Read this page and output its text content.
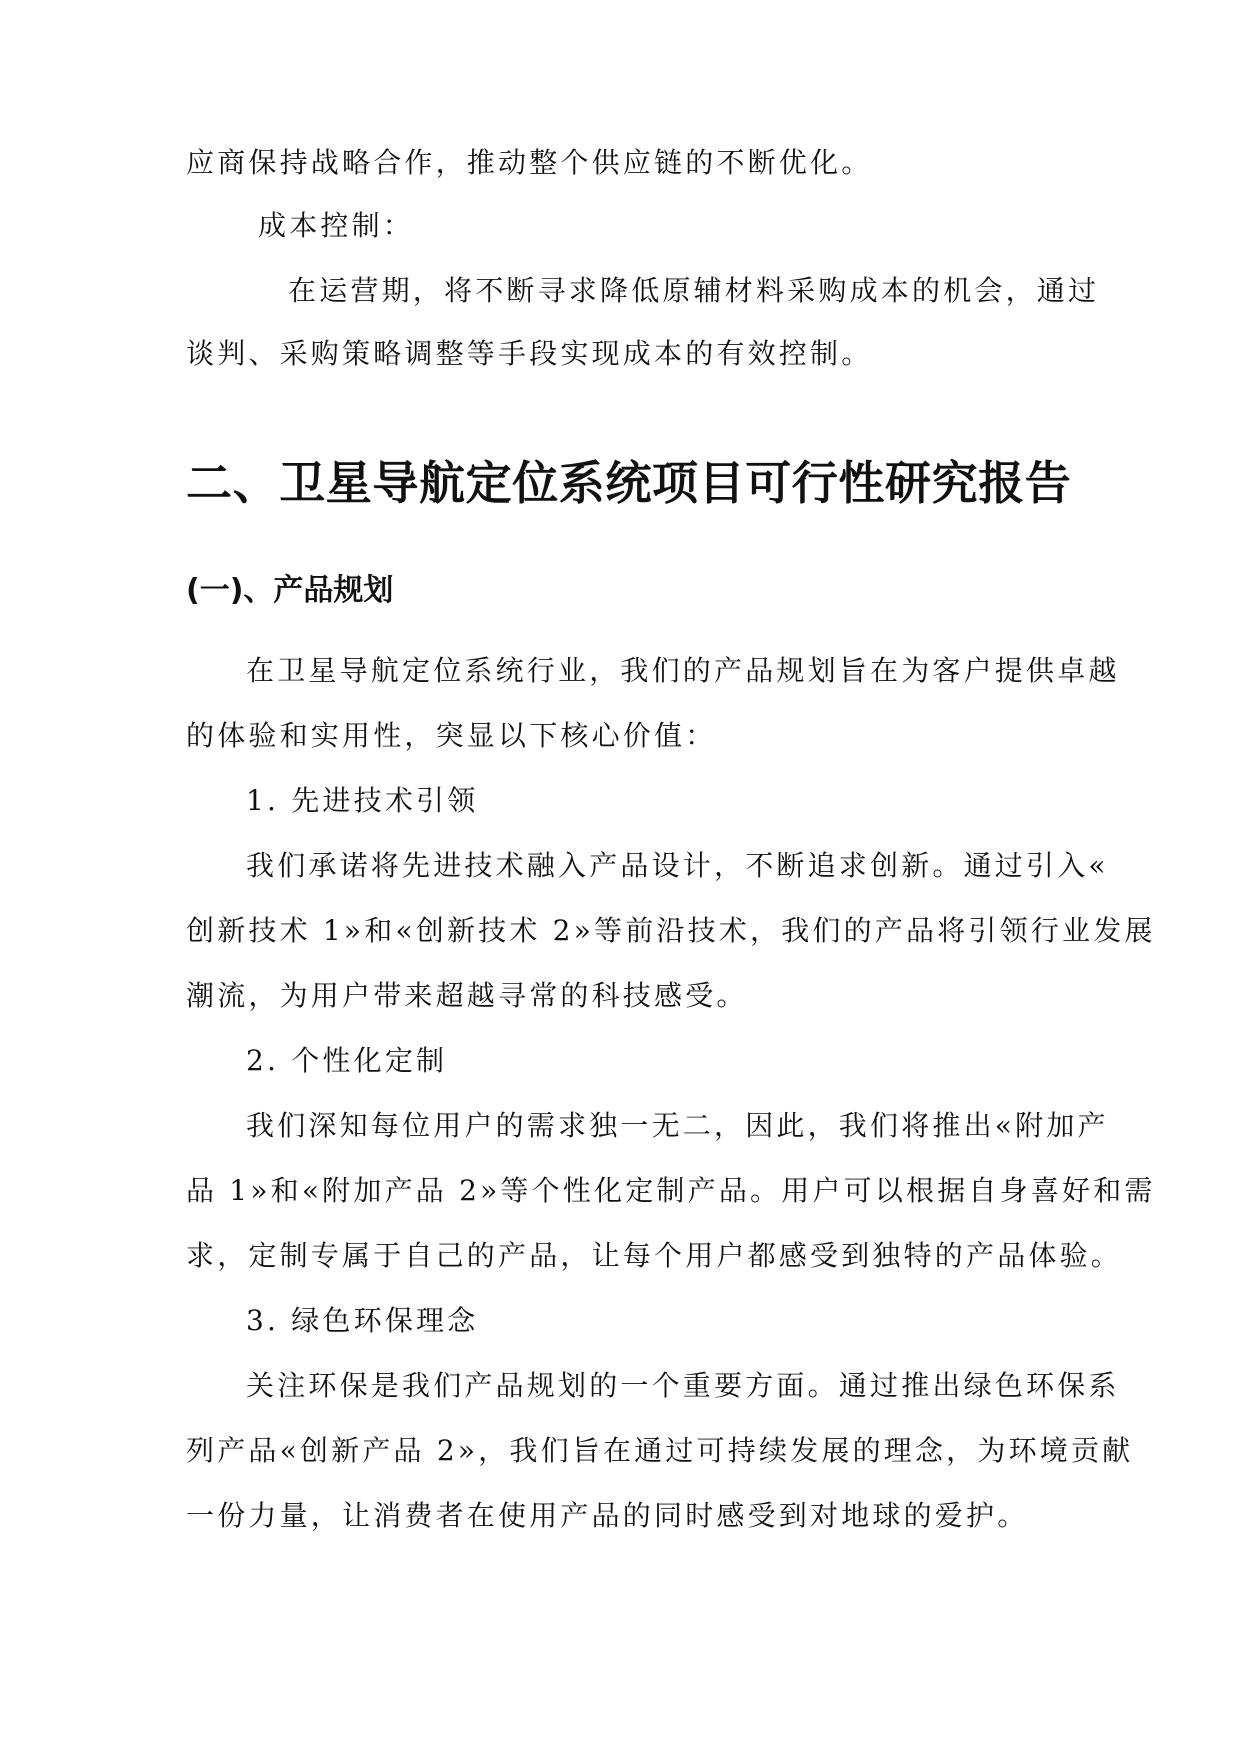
应商保持战略合作，推动整个供应链的不断优化。
成本控制：
在运营期，将不断寻求降低原辅材料采购成本的机会，通过
谈判、采购策略调整等手段实现成本的有效控制。
二、卫星导航定位系统项目可行性研究报告
(一)、产品规划
在卫星导航定位系统行业，我们的产品规划旨在为客户提供卓越
的体验和实用性，突显以下核心价值：
1. 先进技术引领
我们承诺将先进技术融入产品设计，不断追求创新。通过引入«
创新技术 1»和«创新技术 2»等前沿技术，我们的产品将引领行业发展
潮流，为用户带来超越寻常的科技感受。
2. 个性化定制
我们深知每位用户的需求独一无二，因此，我们将推出«附加产
品 1»和«附加产品 2»等个性化定制产品。用户可以根据自身喜好和需
求，定制专属于自己的产品，让每个用户都感受到独特的产品体验。
3. 绿色环保理念
关注环保是我们产品规划的一个重要方面。通过推出绿色环保系
列产品«创新产品 2»，我们旨在通过可持续发展的理念，为环境贡献
一份力量，让消费者在使用产品的同时感受到对地球的爱护。
